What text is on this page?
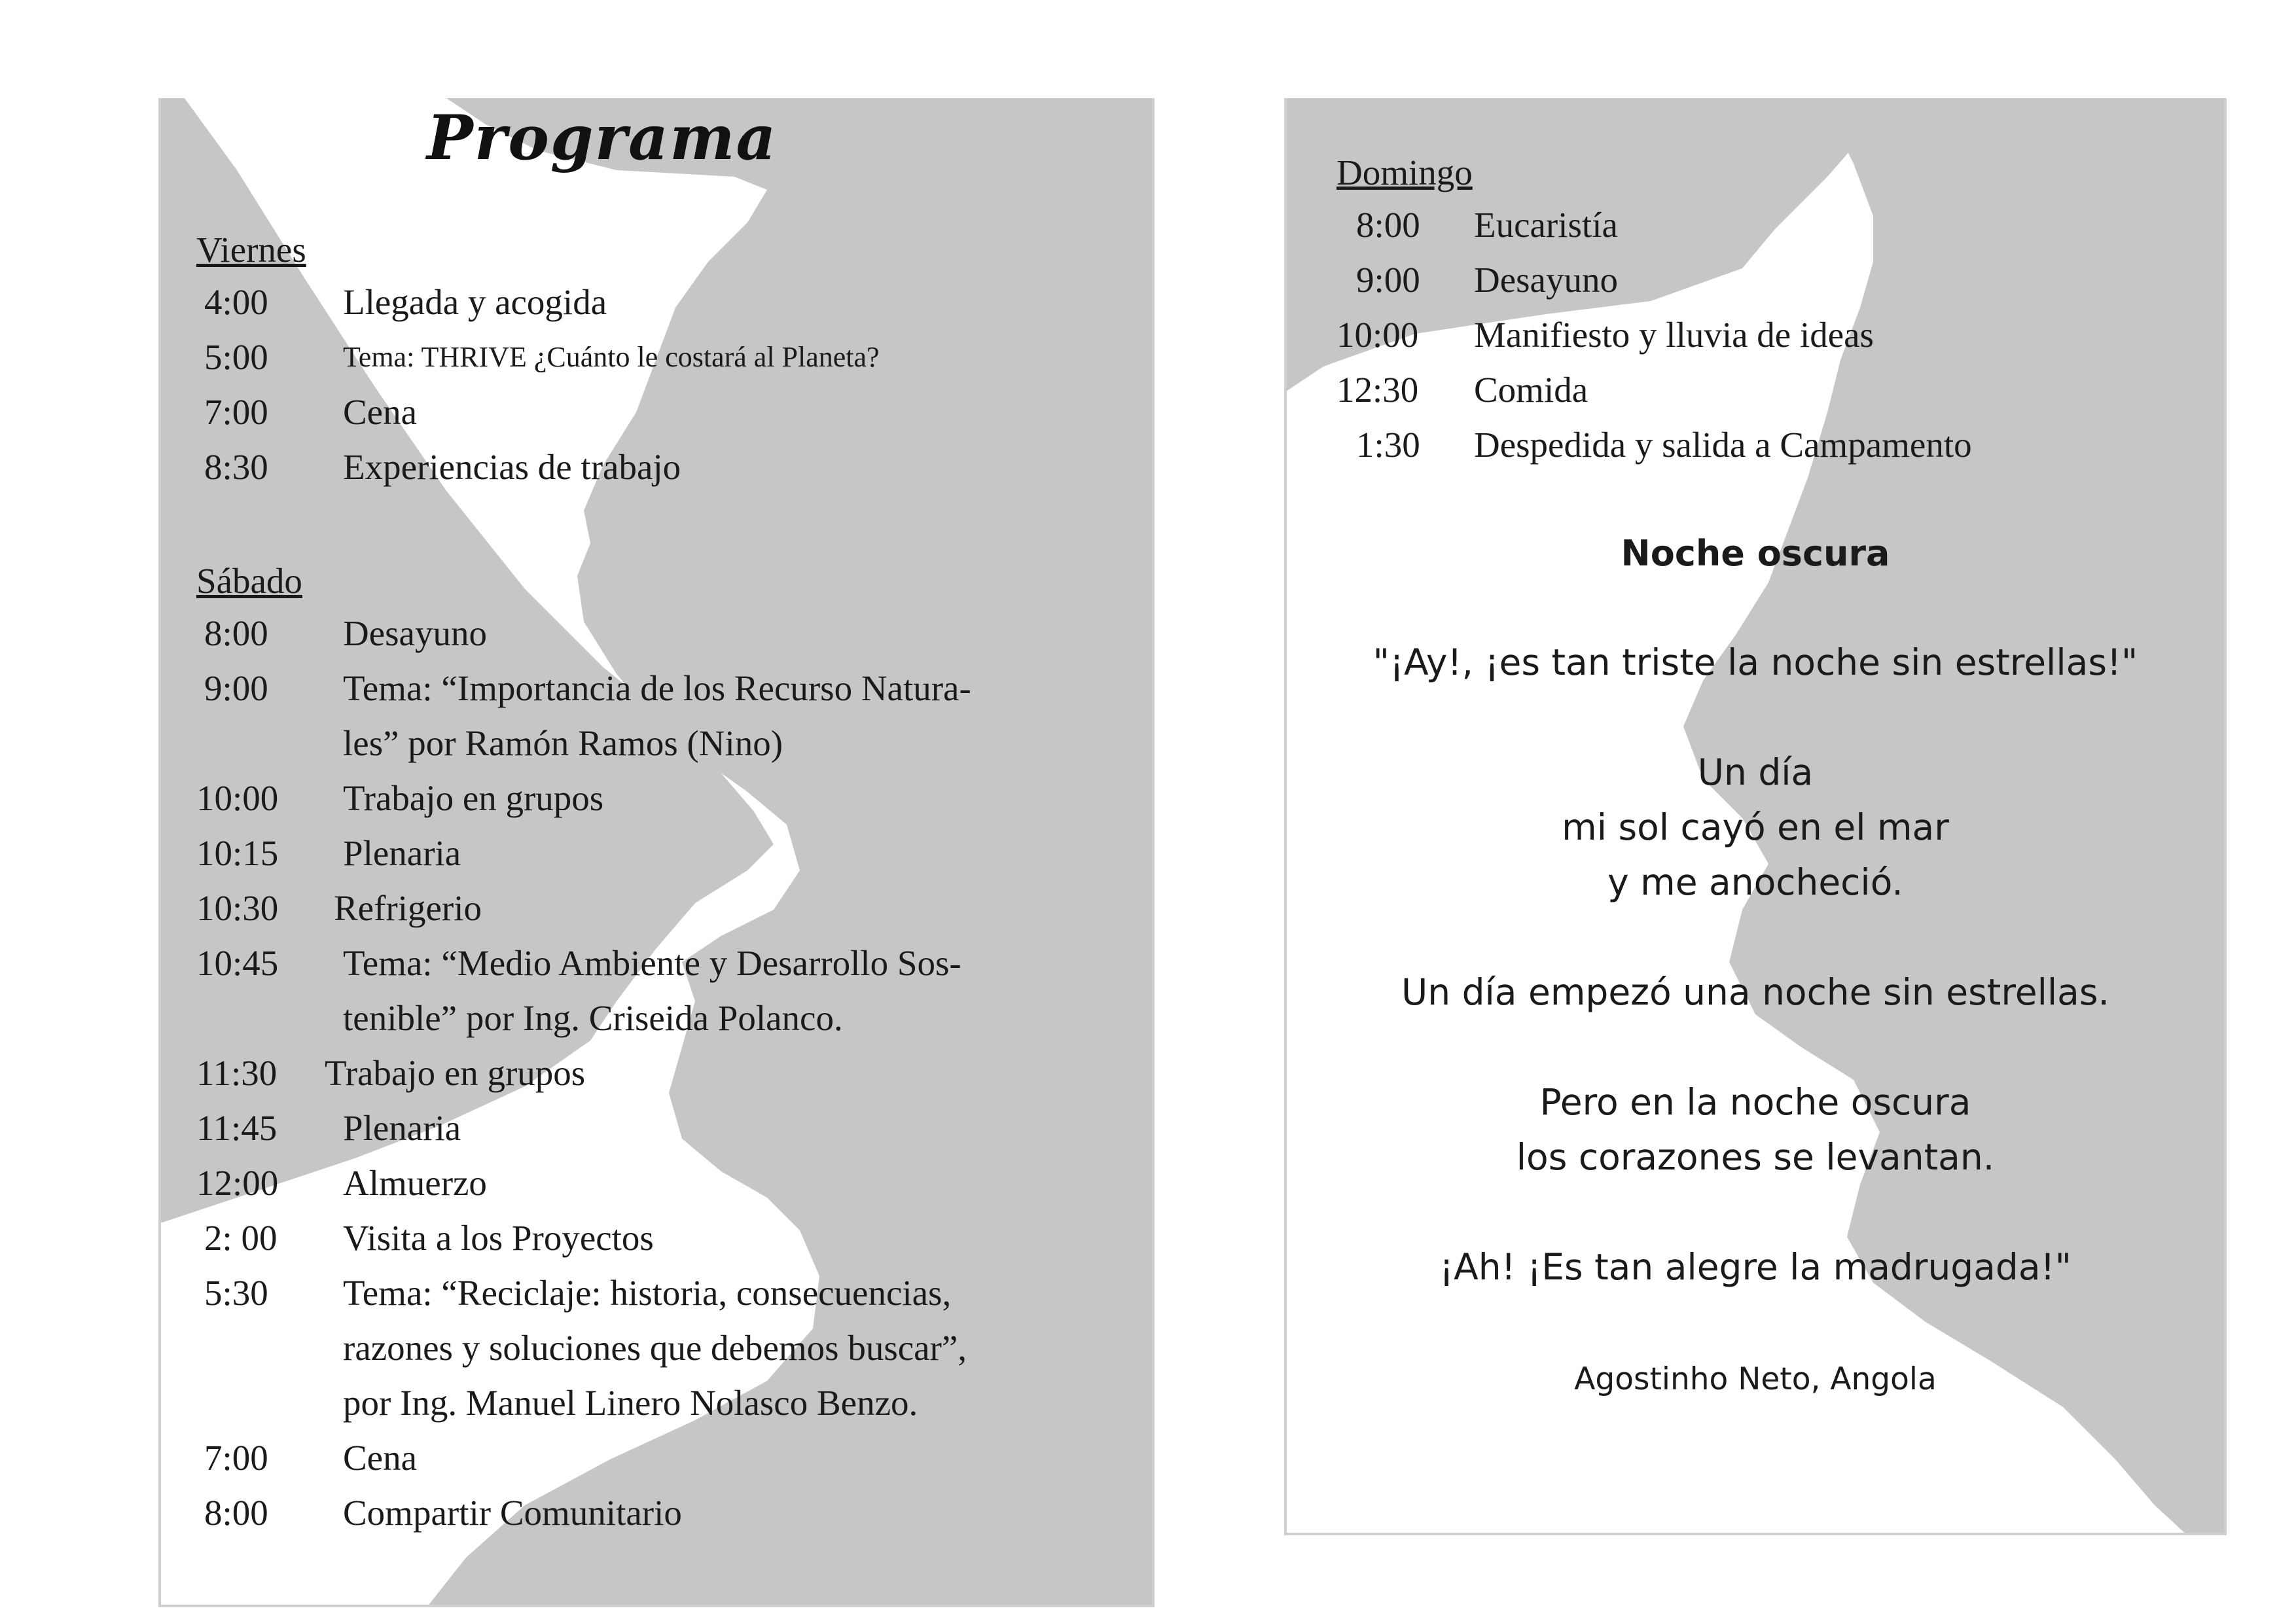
Programa
Viernes
4:00 Llegada y acogida
5:00	Tema: THRIVE ¿Cuánto le costará al Planeta?
7:00 Cena
8:30 Experiencias de trabajo
Sábado
8:00 Desayuno
9:00 Tema: “Importancia de los Recurso Natura-
les” por Ramón Ramos (Nino)
10:00 Trabajo en grupos
10:15 Plenaria
10:30 Refrigerio
10:45 Tema: “Medio Ambiente y Desarrollo Sos-
tenible” por Ing. Criseida Polanco.
11:30 Trabajo en grupos
11:45 Plenaria
12:00 Almuerzo
2: 00 Visita a los Proyectos
5:30 Tema: “Reciclaje: historia, consecuencias,
razones y soluciones que debemos buscar”,
por Ing. Manuel Linero Nolasco Benzo.
7:00 Cena
8:00 Compartir Comunitario
Domingo
8:00 Eucaristía
9:00 Desayuno
10:00 Manifiesto y lluvia de ideas
12:30 Comida
1:30 Despedida y salida a Campamento
Noche oscura
"¡Ay!, ¡es tan triste la noche sin estrellas!"
Un día
mi sol cayó en el mar
y me anocheció.
Un día empezó una noche sin estrellas.
Pero en la noche oscura
los corazones se levantan.
¡Ah! ¡Es tan alegre la madrugada!"
Agostinho Neto, Angola
